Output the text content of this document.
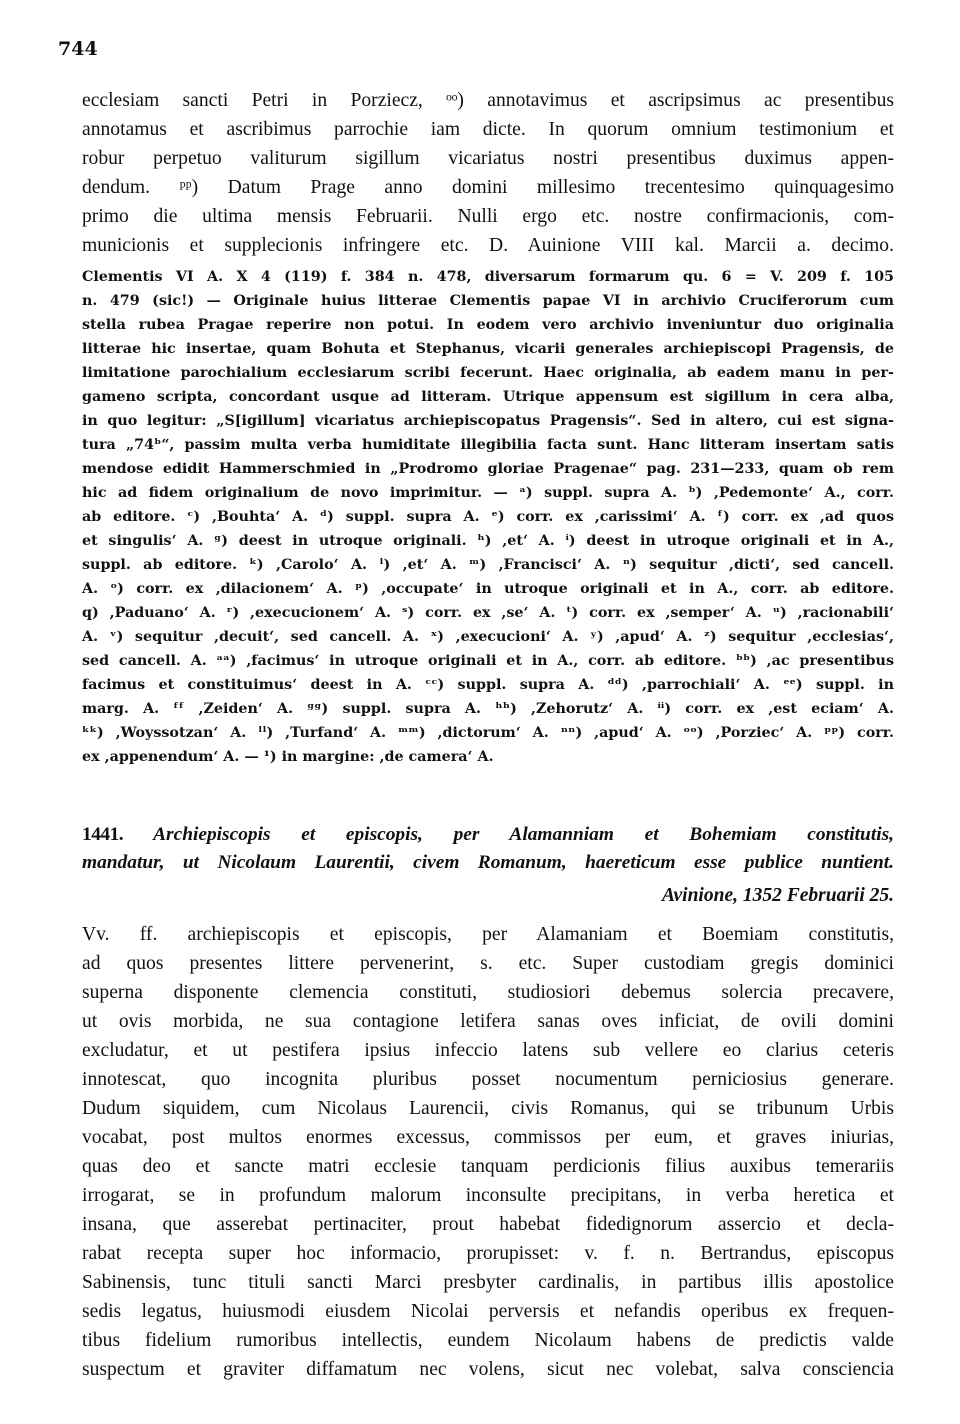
744
ecclesiam sancti Petri in Porziecz, ᵒᵒ) annotavimus et ascripsimus ac presentibus
annotamus et ascribimus parrochie iam dicte. In quorum omnium testimonium et
robur perpetuo valiturum sigillum vicariatus nostri presentibus duximus appen-
dendum. ᵖᵖ) Datum Prage anno domini millesimo trecentesimo quinquagesimo
primo die ultima mensis Februarii. Nulli ergo etc. nostre confirmacionis, com-
municionis et supplecionis infringere etc. D. Auinione VIII kal. Marcii a. decimo.
Clementis VI A. X 4 (119) f. 384 n. 478, diversarum formarum qu. 6 = V. 209 f. 105
n. 479 (sic!) — Originale huius litterae Clementis papae VI in archivio Cruciferorum cum
stella rubea Pragae reperire non potui. In eodem vero archivio inveniuntur duo originalia
litterae hic insertae, quam Bohuta et Stephanus, vicarii generales archiepiscopi Pragensis, de
limitatione parochialium ecclesiarum scribi fecerunt. Haec originalia, ab eadem manu in per-
gameno scripta, concordant usque ad litteram. Utrique appensum est sigillum in cera alba,
in quo legitur: „S[igillum] vicariatus archiepiscopatus Pragensis“. Sed in altero, cui est signa-
tura „74ᵇ“, passim multa verba humiditate illegibilia facta sunt. Hanc litteram insertam satis
mendose edidit Hammerschmied in „Prodromo gloriae Pragenae“ pag. 231—233, quam ob rem
hic ad fidem originalium de novo imprimitur. — ᵃ) suppl. supra A. ᵇ) ,Pedemonte‘ A., corr.
ab editore. ᶜ) ,Bouhta‘ A. ᵈ) suppl. supra A. ᵉ) corr. ex ,carissimi‘ A. ᶠ) corr. ex ,ad quos
et singulis‘ A. ᵍ) deest in utroque originali. ʰ) ,et‘ A. ⁱ) deest in utroque originali et in A.,
suppl. ab editore. ᵏ) ,Carolo‘ A. ˡ) ,et‘ A. ᵐ) ,Francisci‘ A. ⁿ) sequitur ,dicti‘, sed cancell.
A. ᵒ) corr. ex ,dilacionem‘ A. ᵖ) ,occupate‘ in utroque originali et in A., corr. ab editore.
q) ,Paduano‘ A. ʳ) ,execucionem‘ A. ˢ) corr. ex ,se‘ A. ᵗ) corr. ex ,semper‘ A. ᵘ) ,racionabili‘
A. ᵛ) sequitur ,decuit‘, sed cancell. A. ˣ) ,execucioni‘ A. ʸ) ,apud‘ A. ᶻ) sequitur ,ecclesias‘,
sed cancell. A. ᵃᵃ) ,facimus‘ in utroque originali et in A., corr. ab editore. ᵇᵇ) ,ac presentibus
facimus et constituimus‘ deest in A. ᶜᶜ) suppl. supra A. ᵈᵈ) ,parrochiali‘ A. ᵉᵉ) suppl. in
marg. A. ᶠᶠ ,Zeiden‘ A. ᵍᵍ) suppl. supra A. ʰʰ) ,Zehorutz‘ A. ⁱⁱ) corr. ex ,est eciam‘ A.
ᵏᵏ) ,Woyssotzan‘ A. ˡˡ) ,Turfand‘ A. ᵐᵐ) ,dictorum‘ A. ⁿⁿ) ,apud‘ A. ᵒᵒ) ,Porziec‘ A. ᵖᵖ) corr.
ex ,appenendum‘ A. — ¹) in margine: ,de camera‘ A.
1441. Archiepiscopis et episcopis, per Alamanniam et Bohemiam constitutis,
mandatur, ut Nicolaum Laurentii, civem Romanum, haereticum esse publice nuntient.
Avinione, 1352 Februarii 25.
Vv. ff. archiepiscopis et episcopis, per Alamaniam et Boemiam constitutis,
ad quos presentes littere pervenerint, s. etc. Super custodiam gregis dominici
superna disponente clemencia constituti, studiosiori debemus solercia precavere,
ut ovis morbida, ne sua contagione letifera sanas oves inficiat, de ovili domini
excludatur, et ut pestifera ipsius infeccio latens sub vellere eo clarius ceteris
innotescat, quo incognita pluribus posset nocumentum perniciosius generare.
Dudum siquidem, cum Nicolaus Laurencii, civis Romanus, qui se tribunum Urbis
vocabat, post multos enormes excessus, commissos per eum, et graves iniurias,
quas deo et sancte matri ecclesie tanquam perdicionis filius auxibus temerariis
irrogarat, se in profundum malorum inconsulte precipitans, in verba heretica et
insana, que asserebat pertinaciter, prout habebat fidedignorum assercio et decla-
rabat recepta super hoc informacio, prorupisset: v. f. n. Bertrandus, episcopus
Sabinensis, tunc tituli sancti Marci presbyter cardinalis, in partibus illis apostolice
sedis legatus, huiusmodi eiusdem Nicolai perversis et nefandis operibus ex frequen-
tibus fidelium rumoribus intellectis, eundem Nicolaum habens de predictis valde
suspectum et graviter diffamatum nec volens, sicut nec volebat, salva consciencia
